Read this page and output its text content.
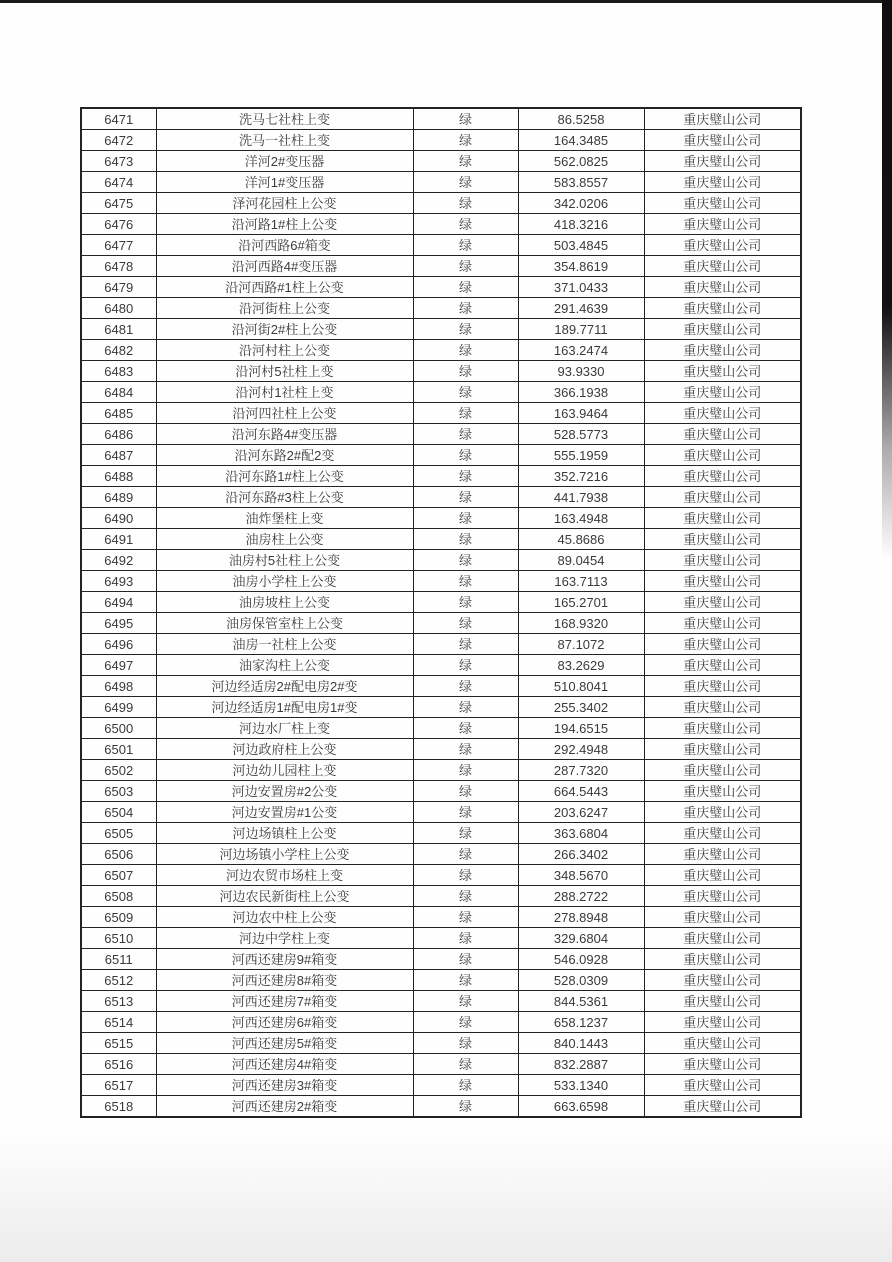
6471	洗马七社柱上变	绿	86.5258	重庆璧山公司
6472	洗马一社柱上变	绿	164.3485	重庆璧山公司
6473	洋河2#变压器	绿	562.0825	重庆璧山公司
6474	洋河1#变压器	绿	583.8557	重庆璧山公司
6475	泽河花园柱上公变	绿	342.0206	重庆璧山公司
6476	沿河路1#柱上公变	绿	418.3216	重庆璧山公司
6477	沿河西路6#箱变	绿	503.4845	重庆璧山公司
6478	沿河西路4#变压器	绿	354.8619	重庆璧山公司
6479	沿河西路#1柱上公变	绿	371.0433	重庆璧山公司
6480	沿河街柱上公变	绿	291.4639	重庆璧山公司
6481	沿河街2#柱上公变	绿	189.7711	重庆璧山公司
6482	沿河村柱上公变	绿	163.2474	重庆璧山公司
6483	沿河村5社柱上变	绿	93.9330	重庆璧山公司
6484	沿河村1社柱上变	绿	366.1938	重庆璧山公司
6485	沿河四社柱上公变	绿	163.9464	重庆璧山公司
6486	沿河东路4#变压器	绿	528.5773	重庆璧山公司
6487	沿河东路2#配2变	绿	555.1959	重庆璧山公司
6488	沿河东路1#柱上公变	绿	352.7216	重庆璧山公司
6489	沿河东路#3柱上公变	绿	441.7938	重庆璧山公司
6490	油炸堡柱上变	绿	163.4948	重庆璧山公司
6491	油房柱上公变	绿	45.8686	重庆璧山公司
6492	油房村5社柱上公变	绿	89.0454	重庆璧山公司
6493	油房小学柱上公变	绿	163.7113	重庆璧山公司
6494	油房坡柱上公变	绿	165.2701	重庆璧山公司
6495	油房保管室柱上公变	绿	168.9320	重庆璧山公司
6496	油房一社柱上公变	绿	87.1072	重庆璧山公司
6497	油家沟柱上公变	绿	83.2629	重庆璧山公司
6498	河边经适房2#配电房2#变	绿	510.8041	重庆璧山公司
6499	河边经适房1#配电房1#变	绿	255.3402	重庆璧山公司
6500	河边水厂柱上变	绿	194.6515	重庆璧山公司
6501	河边政府柱上公变	绿	292.4948	重庆璧山公司
6502	河边幼儿园柱上变	绿	287.7320	重庆璧山公司
6503	河边安置房#2公变	绿	664.5443	重庆璧山公司
6504	河边安置房#1公变	绿	203.6247	重庆璧山公司
6505	河边场镇柱上公变	绿	363.6804	重庆璧山公司
6506	河边场镇小学柱上公变	绿	266.3402	重庆璧山公司
6507	河边农贸市场柱上变	绿	348.5670	重庆璧山公司
6508	河边农民新街柱上公变	绿	288.2722	重庆璧山公司
6509	河边农中柱上公变	绿	278.8948	重庆璧山公司
6510	河边中学柱上变	绿	329.6804	重庆璧山公司
6511	河西还建房9#箱变	绿	546.0928	重庆璧山公司
6512	河西还建房8#箱变	绿	528.0309	重庆璧山公司
6513	河西还建房7#箱变	绿	844.5361	重庆璧山公司
6514	河西还建房6#箱变	绿	658.1237	重庆璧山公司
6515	河西还建房5#箱变	绿	840.1443	重庆璧山公司
6516	河西还建房4#箱变	绿	832.2887	重庆璧山公司
6517	河西还建房3#箱变	绿	533.1340	重庆璧山公司
6518	河西还建房2#箱变	绿	663.6598	重庆璧山公司
